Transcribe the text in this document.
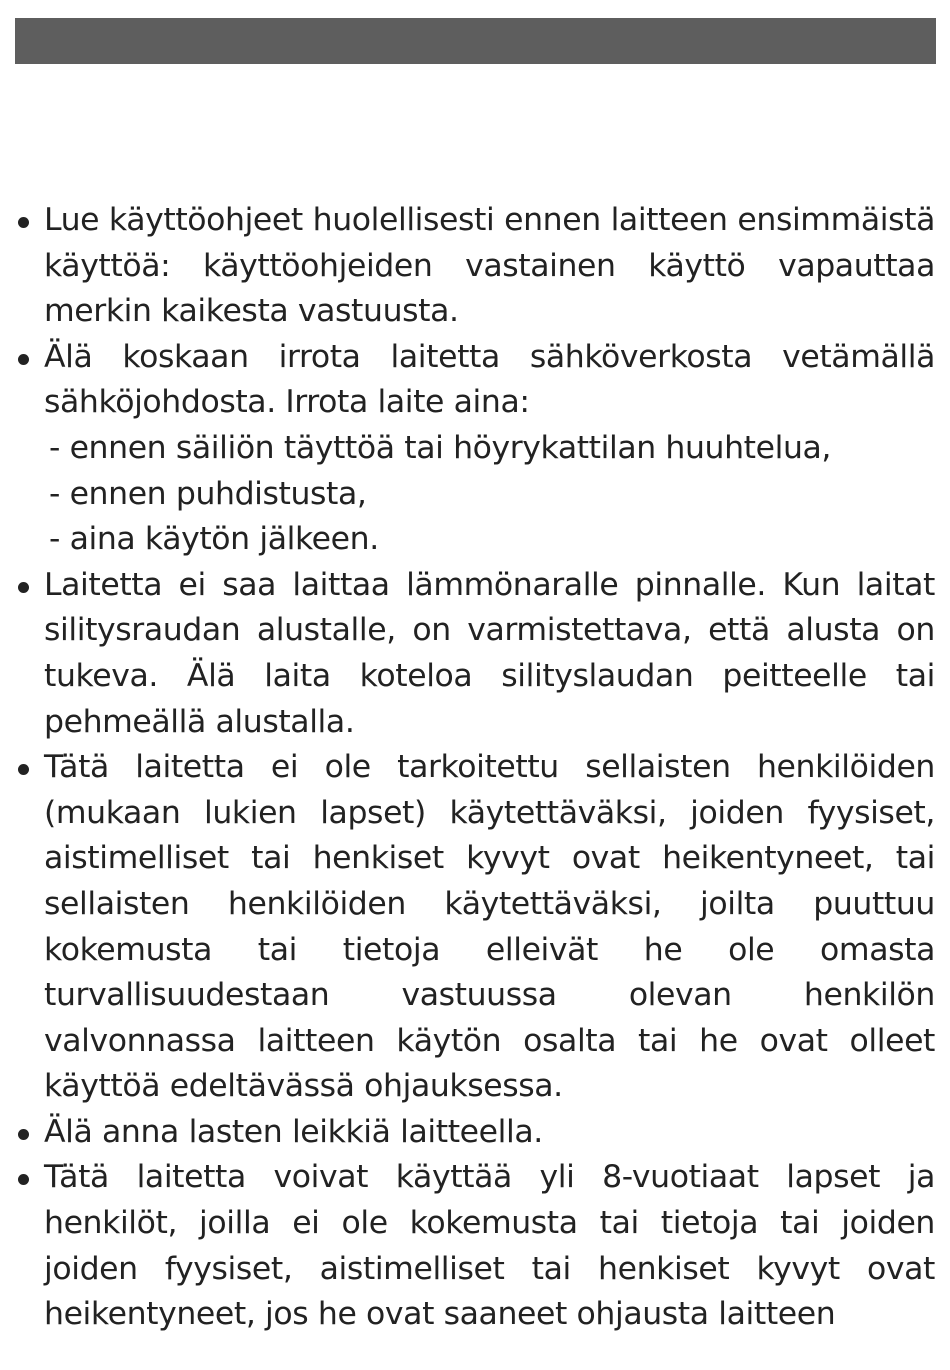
Lue käyttöohjeet huolellisesti ennen laitteen ensimmäistä käyttöä: käyttöohjeiden vastainen käyttö vapauttaa merkin kaikesta vastuusta.
Älä koskaan irrota laitetta sähköverkosta vetämällä sähköjohdosta. Irrota laite aina:
- ennen säiliön täyttöä tai höyrykattilan huuhtelua,
- ennen puhdistusta,
- aina käytön jälkeen.
Laitetta ei saa laittaa lämmönaralle pinnalle. Kun laitat silitysraudan alustalle, on varmistettava, että alusta on tukeva. Älä laita koteloa silityslaudan peitteelle tai pehmeällä alustalla.
Tätä laitetta ei ole tarkoitettu sellaisten henkilöiden (mukaan lukien lapset) käytettäväksi, joiden fyysiset, aistimelliset tai henkiset kyvyt ovat heikentyneet, tai sellaisten henkilöiden käytettäväksi, joilta puuttuu kokemusta tai tietoja elleivät he ole omasta turvallisuudestaan vastuussa olevan henkilön valvonnassa laitteen käytön osalta tai he ovat olleet käyttöä edeltävässä ohjauksessa.
Älä anna lasten leikkiä laitteella.
Tätä laitetta voivat käyttää yli 8-vuotiaat lapset ja henkilöt, joilla ei ole kokemusta tai tietoja tai joiden joiden fyysiset, aistimelliset tai henkiset kyvyt ovat heikentyneet, jos he ovat saaneet ohjausta laitteen
